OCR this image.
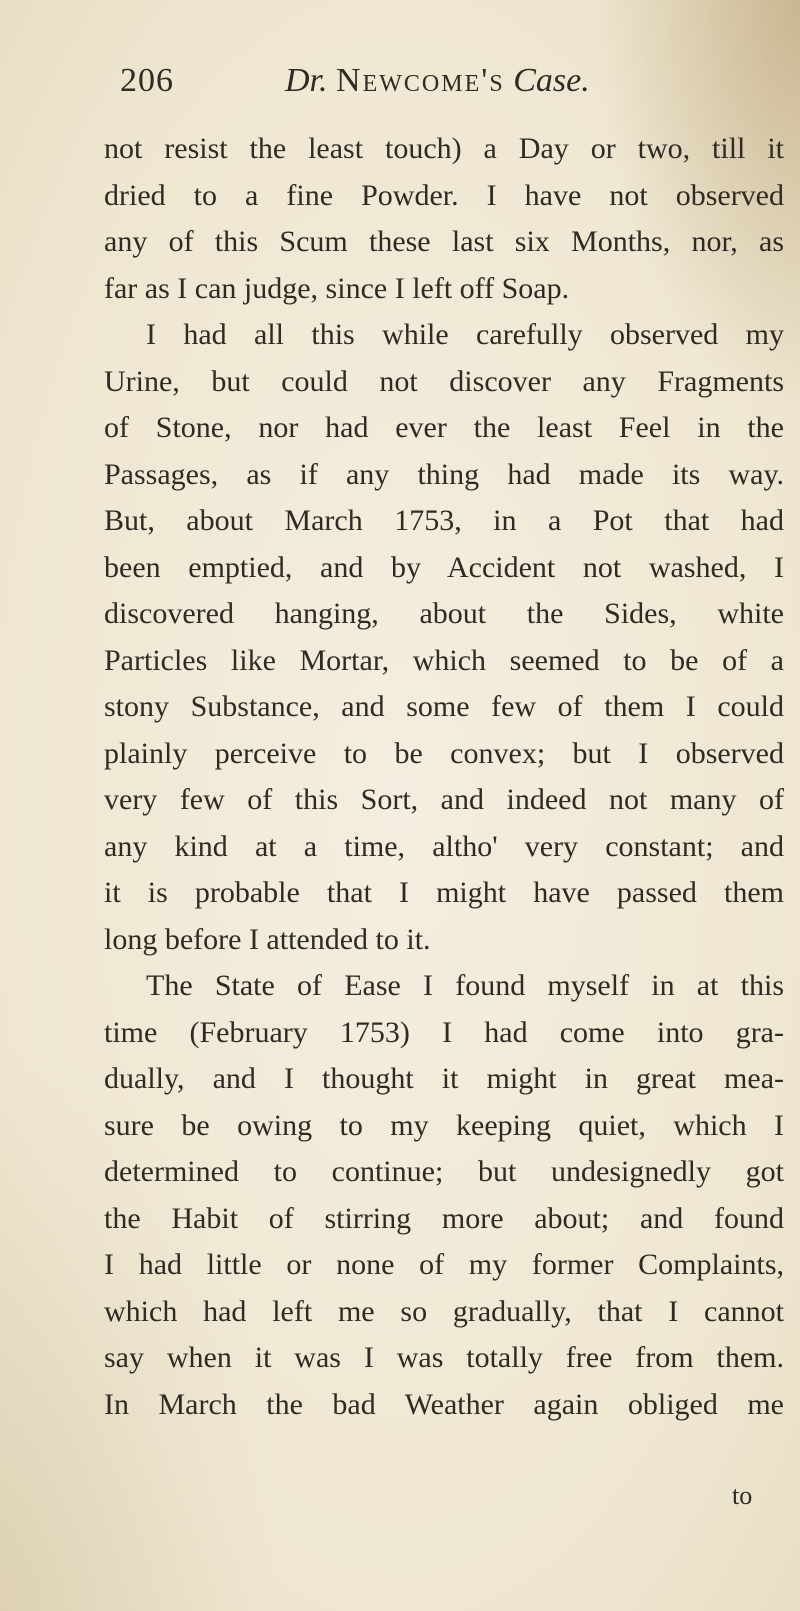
206	Dr. Newcome's Case.
not resist the least touch) a Day or two, till it
dried to a fine Powder. I have not observed
any of this Scum these last six Months, nor, as
far as I can judge, since I left off Soap.
I had all this while carefully observed my
Urine, but could not discover any Fragments
of Stone, nor had ever the least Feel in the
Passages, as if any thing had made its way.
But, about March 1753, in a Pot that had
been emptied, and by Accident not washed, I
discovered hanging, about the Sides, white
Particles like Mortar, which seemed to be of a
stony Substance, and some few of them I could
plainly perceive to be convex; but I observed
very few of this Sort, and indeed not many of
any kind at a time, altho' very constant; and
it is probable that I might have passed them
long before I attended to it.
The State of Ease I found myself in at this
time (February 1753) I had come into gra-
dually, and I thought it might in great mea-
sure be owing to my keeping quiet, which I
determined to continue; but undesignedly got
the Habit of stirring more about; and found
I had little or none of my former Complaints,
which had left me so gradually, that I cannot
say when it was I was totally free from them.
In March the bad Weather again obliged me
to
